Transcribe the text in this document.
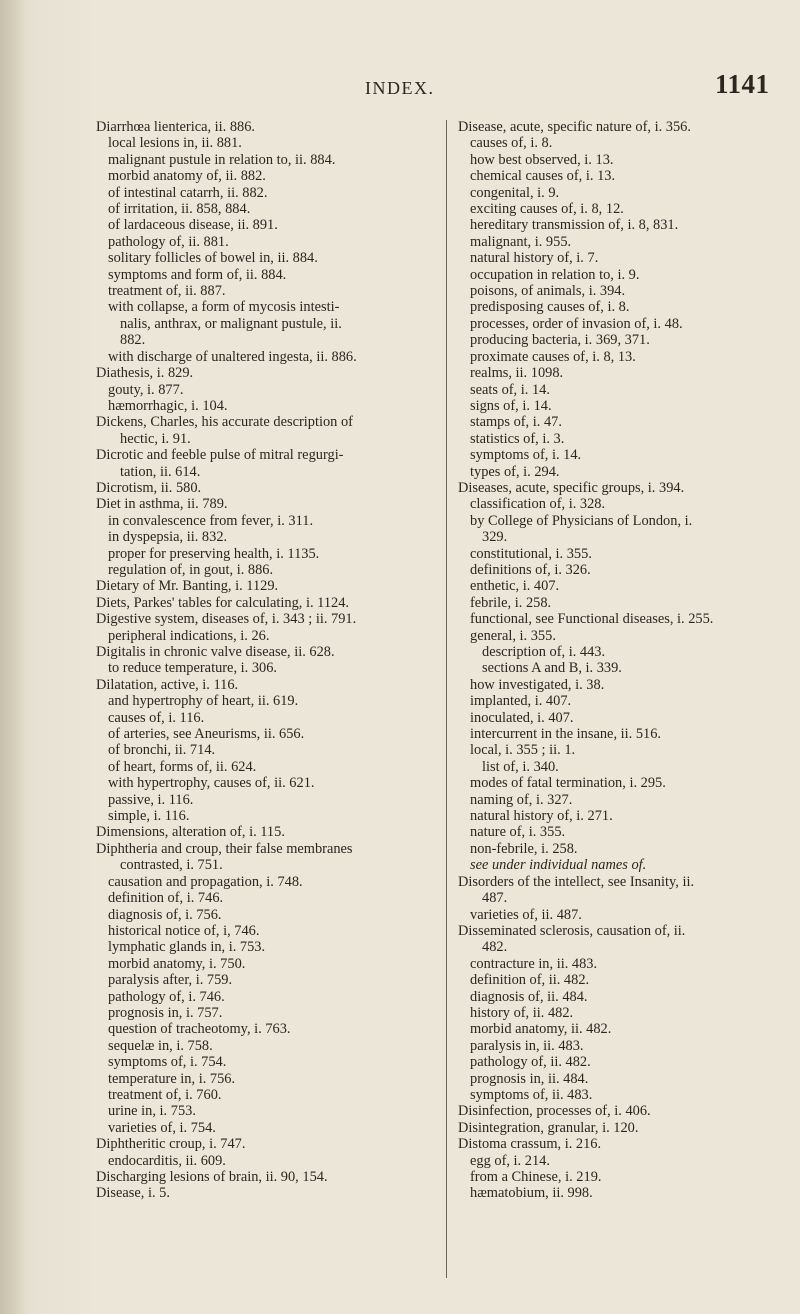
INDEX.	1141
Diarrhœa lienterica, ii. 886.
local lesions in, ii. 881.
malignant pustule in relation to, ii. 884.
morbid anatomy of, ii. 882.
of intestinal catarrh, ii. 882.
of irritation, ii. 858, 884.
of lardaceous disease, ii. 891.
pathology of, ii. 881.
solitary follicles of bowel in, ii. 884.
symptoms and form of, ii. 884.
treatment of, ii. 887.
with collapse, a form of mycosis intesti-
nalis, anthrax, or malignant pustule, ii.
882.
with discharge of unaltered ingesta, ii. 886.
Diathesis, i. 829.
gouty, i. 877.
hæmorrhagic, i. 104.
Dickens, Charles, his accurate description of
hectic, i. 91.
Dicrotic and feeble pulse of mitral regurgi-
tation, ii. 614.
Dicrotism, ii. 580.
Diet in asthma, ii. 789.
in convalescence from fever, i. 311.
in dyspepsia, ii. 832.
proper for preserving health, i. 1135.
regulation of, in gout, i. 886.
Dietary of Mr. Banting, i. 1129.
Diets, Parkes' tables for calculating, i. 1124.
Digestive system, diseases of, i. 343 ; ii. 791.
peripheral indications, i. 26.
Digitalis in chronic valve disease, ii. 628.
to reduce temperature, i. 306.
Dilatation, active, i. 116.
and hypertrophy of heart, ii. 619.
causes of, i. 116.
of arteries, see Aneurisms, ii. 656.
of bronchi, ii. 714.
of heart, forms of, ii. 624.
with hypertrophy, causes of, ii. 621.
passive, i. 116.
simple, i. 116.
Dimensions, alteration of, i. 115.
Diphtheria and croup, their false membranes
contrasted, i. 751.
causation and propagation, i. 748.
definition of, i. 746.
diagnosis of, i. 756.
historical notice of, i, 746.
lymphatic glands in, i. 753.
morbid anatomy, i. 750.
paralysis after, i. 759.
pathology of, i. 746.
prognosis in, i. 757.
question of tracheotomy, i. 763.
sequelæ in, i. 758.
symptoms of, i. 754.
temperature in, i. 756.
treatment of, i. 760.
urine in, i. 753.
varieties of, i. 754.
Diphtheritic croup, i. 747.
endocarditis, ii. 609.
Discharging lesions of brain, ii. 90, 154.
Disease, i. 5.
Disease, acute, specific nature of, i. 356.
causes of, i. 8.
how best observed, i. 13.
chemical causes of, i. 13.
congenital, i. 9.
exciting causes of, i. 8, 12.
hereditary transmission of, i. 8, 831.
malignant, i. 955.
natural history of, i. 7.
occupation in relation to, i. 9.
poisons, of animals, i. 394.
predisposing causes of, i. 8.
processes, order of invasion of, i. 48.
producing bacteria, i. 369, 371.
proximate causes of, i. 8, 13.
realms, ii. 1098.
seats of, i. 14.
signs of, i. 14.
stamps of, i. 47.
statistics of, i. 3.
symptoms of, i. 14.
types of, i. 294.
Diseases, acute, specific groups, i. 394.
classification of, i. 328.
by College of Physicians of London, i.
329.
constitutional, i. 355.
definitions of, i. 326.
enthetic, i. 407.
febrile, i. 258.
functional, see Functional diseases, i. 255.
general, i. 355.
description of, i. 443.
sections A and B, i. 339.
how investigated, i. 38.
implanted, i. 407.
inoculated, i. 407.
intercurrent in the insane, ii. 516.
local, i. 355 ; ii. 1.
list of, i. 340.
modes of fatal termination, i. 295.
naming of, i. 327.
natural history of, i. 271.
nature of, i. 355.
non-febrile, i. 258.
see under individual names of.
Disorders of the intellect, see Insanity, ii.
487.
varieties of, ii. 487.
Disseminated sclerosis, causation of, ii.
482.
contracture in, ii. 483.
definition of, ii. 482.
diagnosis of, ii. 484.
history of, ii. 482.
morbid anatomy, ii. 482.
paralysis in, ii. 483.
pathology of, ii. 482.
prognosis in, ii. 484.
symptoms of, ii. 483.
Disinfection, processes of, i. 406.
Disintegration, granular, i. 120.
Distoma crassum, i. 216.
egg of, i. 214.
from a Chinese, i. 219.
hæmatobium, ii. 998.
